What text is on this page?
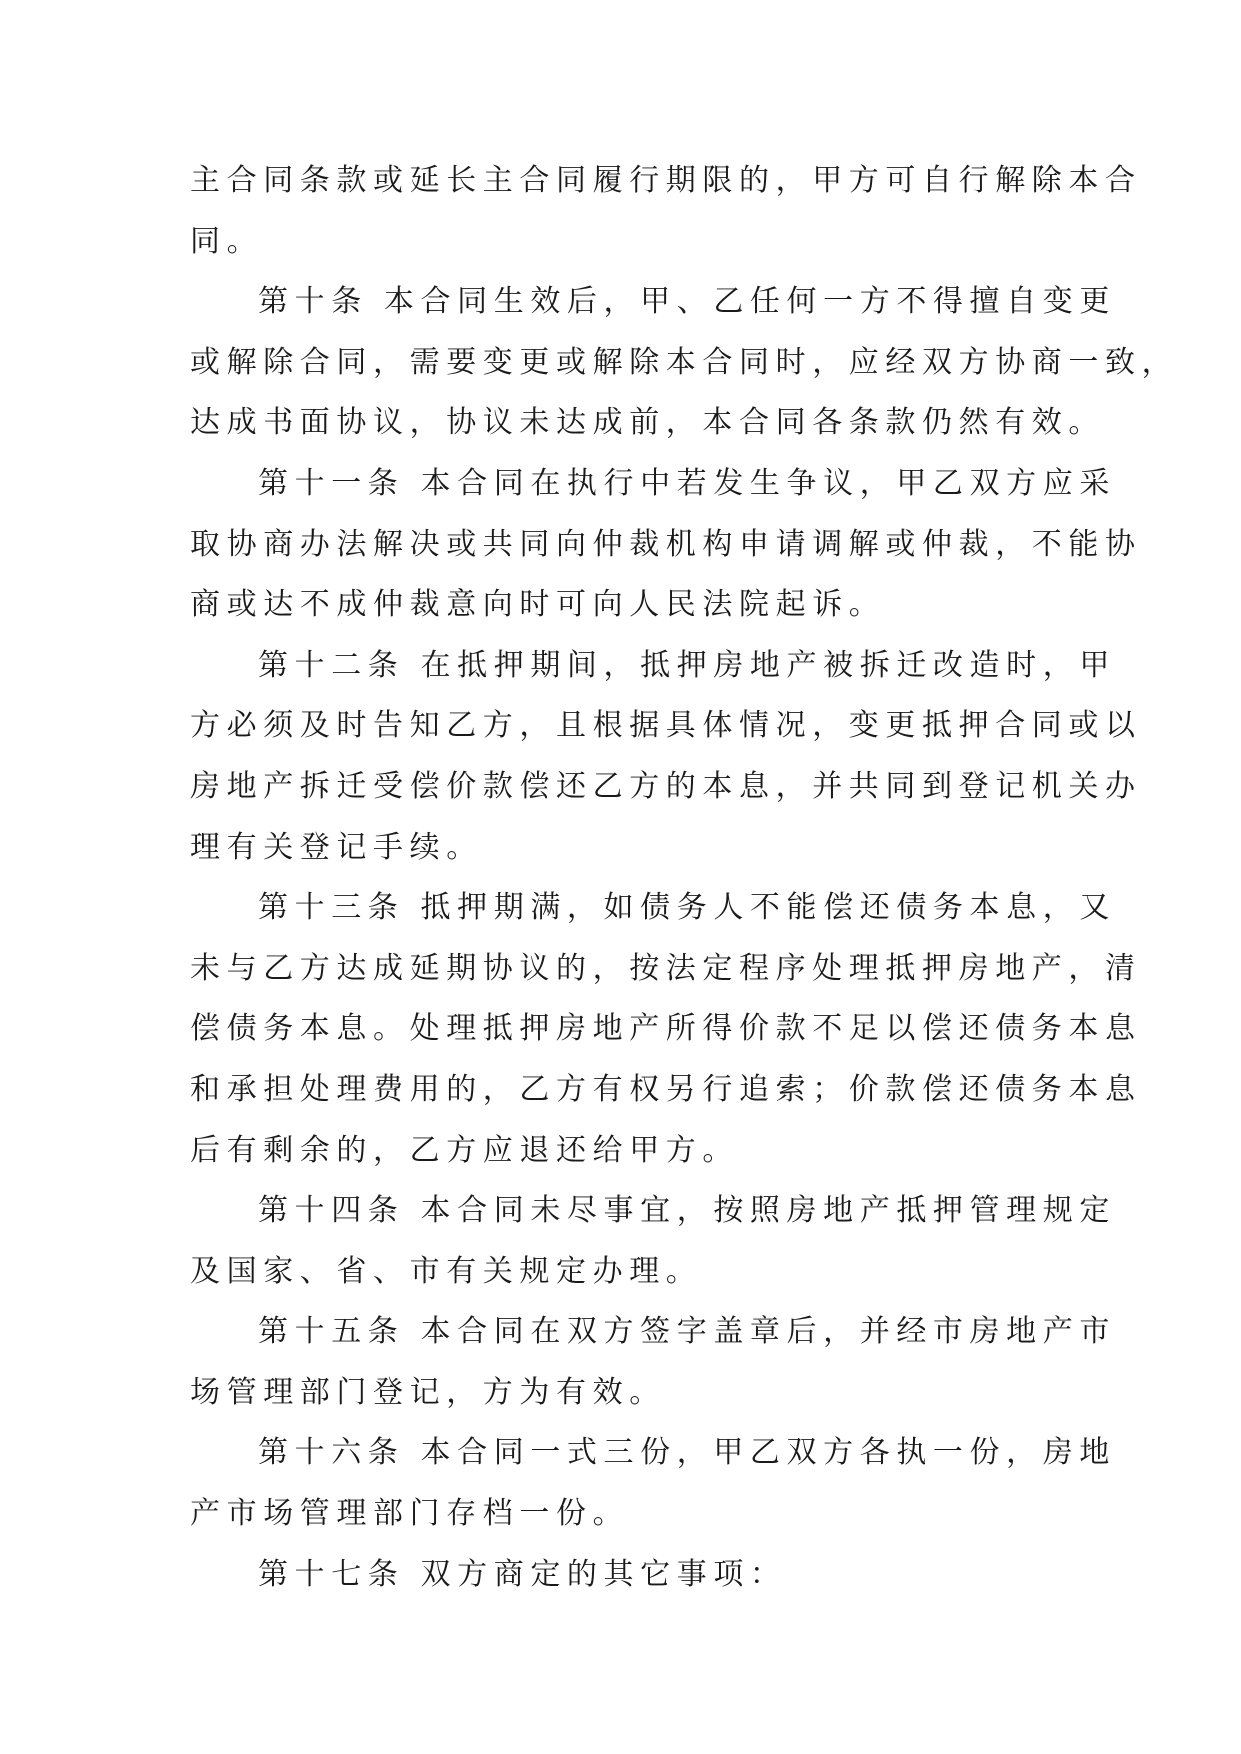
主合同条款或延长主合同履行期限的，甲方可自行解除本合
同。
第十条 本合同生效后，甲、乙任何一方不得擅自变更
或解除合同，需要变更或解除本合同时，应经双方协商一致，
达成书面协议，协议未达成前，本合同各条款仍然有效。
第十一条 本合同在执行中若发生争议，甲乙双方应采
取协商办法解决或共同向仲裁机构申请调解或仲裁，不能协
商或达不成仲裁意向时可向人民法院起诉。
第十二条 在抵押期间，抵押房地产被拆迁改造时，甲
方必须及时告知乙方，且根据具体情况，变更抵押合同或以
房地产拆迁受偿价款偿还乙方的本息，并共同到登记机关办
理有关登记手续。
第十三条 抵押期满，如债务人不能偿还债务本息，又
未与乙方达成延期协议的，按法定程序处理抵押房地产，清
偿债务本息。处理抵押房地产所得价款不足以偿还债务本息
和承担处理费用的，乙方有权另行追索；价款偿还债务本息
后有剩余的，乙方应退还给甲方。
第十四条 本合同未尽事宜，按照房地产抵押管理规定
及国家、省、市有关规定办理。
第十五条 本合同在双方签字盖章后，并经市房地产市
场管理部门登记，方为有效。
第十六条 本合同一式三份，甲乙双方各执一份，房地
产市场管理部门存档一份。
第十七条 双方商定的其它事项：
